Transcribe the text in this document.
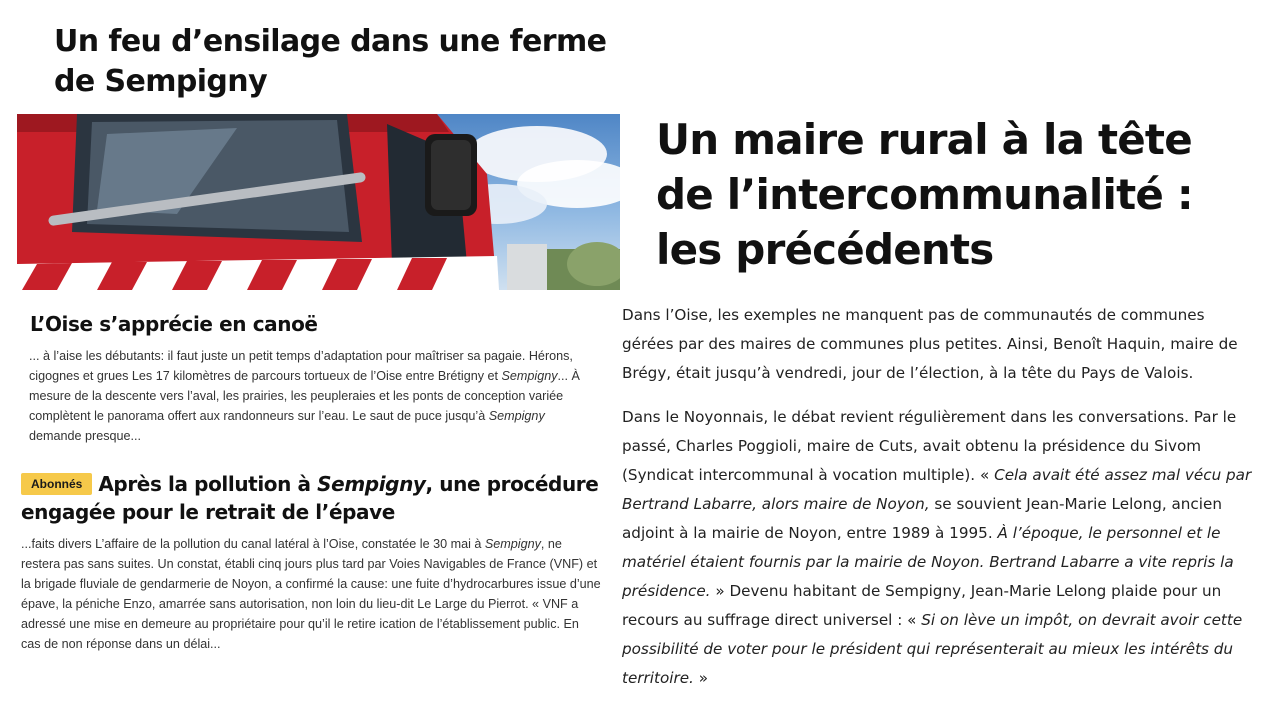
Un feu d’ensilage dans une ferme de Sempigny
L’Oise s’apprécie en canoë

... à l’aise les débutants: il faut juste un petit temps d’adaptation pour maîtriser sa pagaie. Hérons, cigognes et grues Les 17 kilomètres de parcours tortueux de l’Oise entre Brétigny et Sempigny... À mesure de la descente vers l’aval, les prairies, les peupleraies et les ponts de conception variée complètent le panorama offert aux randonneurs sur l’eau. Le saut de puce jusqu’à Sempigny demande presque...

Abonnés Après la pollution à Sempigny, une procédure engagée pour le retrait de l’épave

...faits divers L’affaire de la pollution du canal latéral à l’Oise, constatée le 30 mai à Sempigny, ne restera pas sans suites. Un constat, établi cinq jours plus tard par Voies Navigables de France (VNF) et la brigade fluviale de gendarmerie de Noyon, a confirmé la cause: une fuite d’hydrocarbures issue d’une épave, la péniche Enzo, amarrée sans autorisation, non loin du lieu-dit Le Large du Pierrot. « VNF a adressé une mise en demeure au propriétaire pour qu’il le retire ication de l’établissement public. En cas de non réponse dans un délai...

Un maire rural à la tête de l’intercommunalité : les précédents

Dans l’Oise, les exemples ne manquent pas de communautés de communes gérées par des maires de communes plus petites. Ainsi, Benoît Haquin, maire de Brégy, était jusqu’à vendredi, jour de l’élection, à la tête du Pays de Valois.

Dans le Noyonnais, le débat revient régulièrement dans les conversations. Par le passé, Charles Poggioli, maire de Cuts, avait obtenu la présidence du Sivom (Syndicat intercommunal à vocation multiple). « Cela avait été assez mal vécu par Bertrand Labarre, alors maire de Noyon, se souvient Jean-Marie Lelong, ancien adjoint à la mairie de Noyon, entre 1989 à 1995. À l’époque, le personnel et le matériel étaient fournis par la mairie de Noyon. Bertrand Labarre a vite repris la présidence. » Devenu habitant de Sempigny, Jean-Marie Lelong plaide pour un recours au suffrage direct universel : « Si on lève un impôt, on devrait avoir cette possibilité de voter pour le président qui représenterait au mieux les intérêts du territoire. »
